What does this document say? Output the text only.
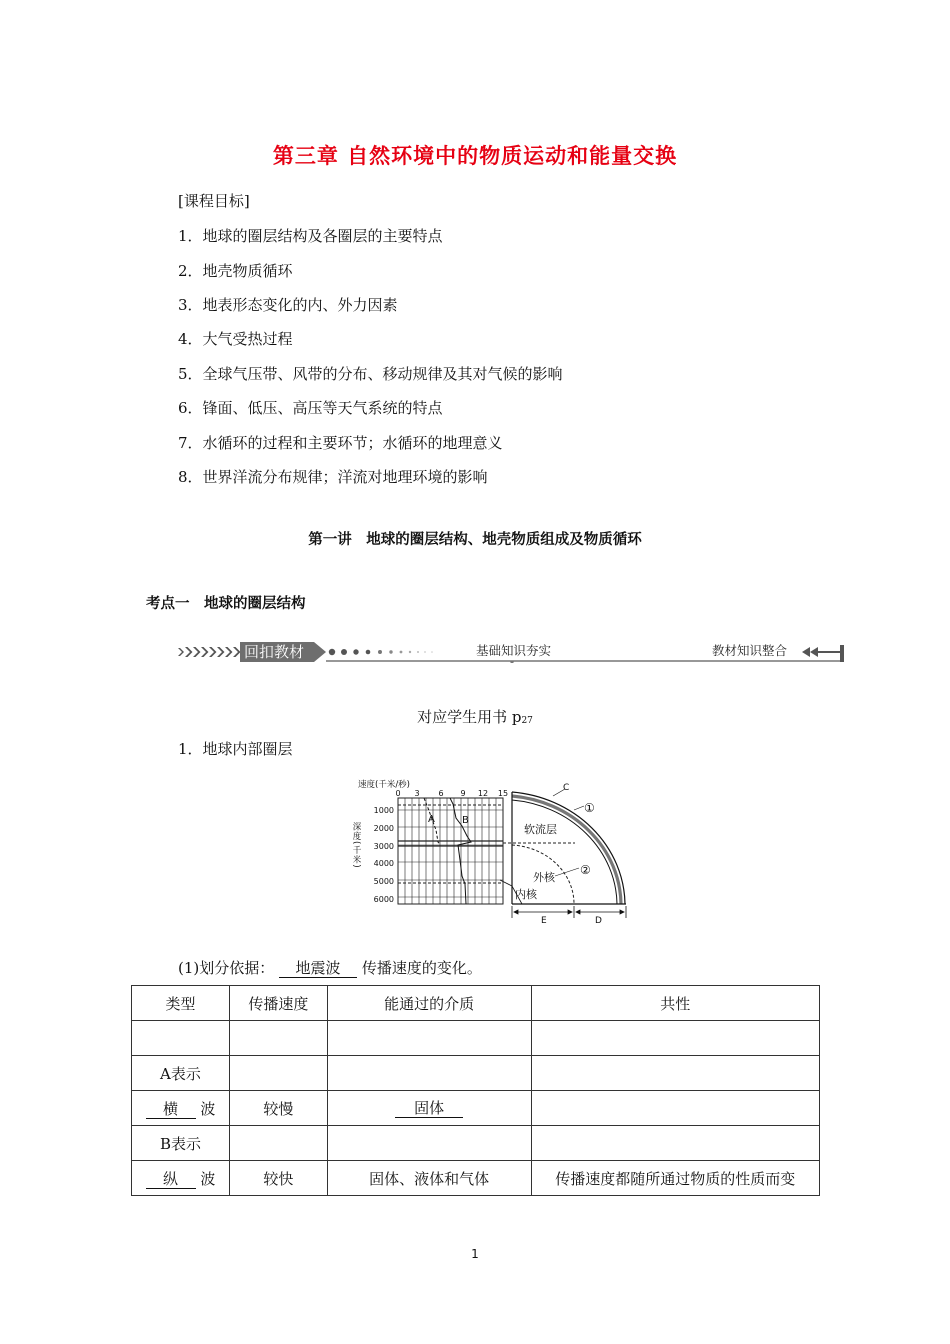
第三章 自然环境中的物质运动和能量交换
[课程目标]
1．地球的圈层结构及各圈层的主要特点
2．地壳物质循环
3．地表形态变化的内、外力因素
4．大气受热过程
5．全球气压带、风带的分布、移动规律及其对气候的影响
6．锋面、低压、高压等天气系统的特点
7．水循环的过程和主要环节；水循环的地理意义
8．世界洋流分布规律；洋流对地理环境的影响
第一讲　地球的圈层结构、地壳物质组成及物质循环
考点一　地球的圈层结构
回扣教材	基础知识夯实	教材知识整合
对应学生用书 $p_{27}$
1．地球内部圈层
速度(千米/秒)
0 3 6 9 12 15
1000
2000
3000
4000
5000
6000
深度(千米)
A	B
C
①
软流层
②
外核
内核
E	D
(1)划分依据： 地震波 传播速度的变化。
类型	传播速度	能通过的介质	共性

A表示			
横 波	较慢	固体	
B表示			
纵 波	较快	固体、液体和气体	传播速度都随所通过物质的性质而变
1
